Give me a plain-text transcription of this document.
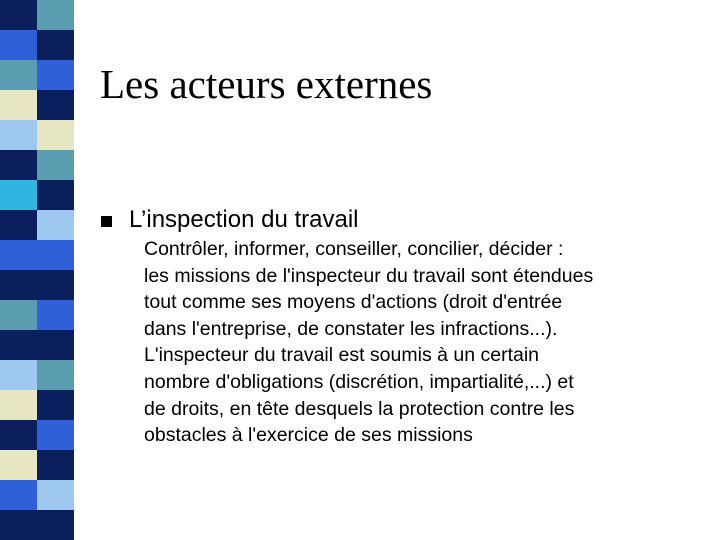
Les acteurs externes
L’inspection du travail
Contrôler, informer, conseiller, concilier, décider :
les missions de l'inspecteur du travail sont étendues
tout comme ses moyens d'actions (droit d'entrée
dans l'entreprise, de constater les infractions...).
L'inspecteur du travail est soumis à un certain
nombre d'obligations (discrétion, impartialité,...) et
de droits, en tête desquels la protection contre les
obstacles à l'exercice de ses missions
